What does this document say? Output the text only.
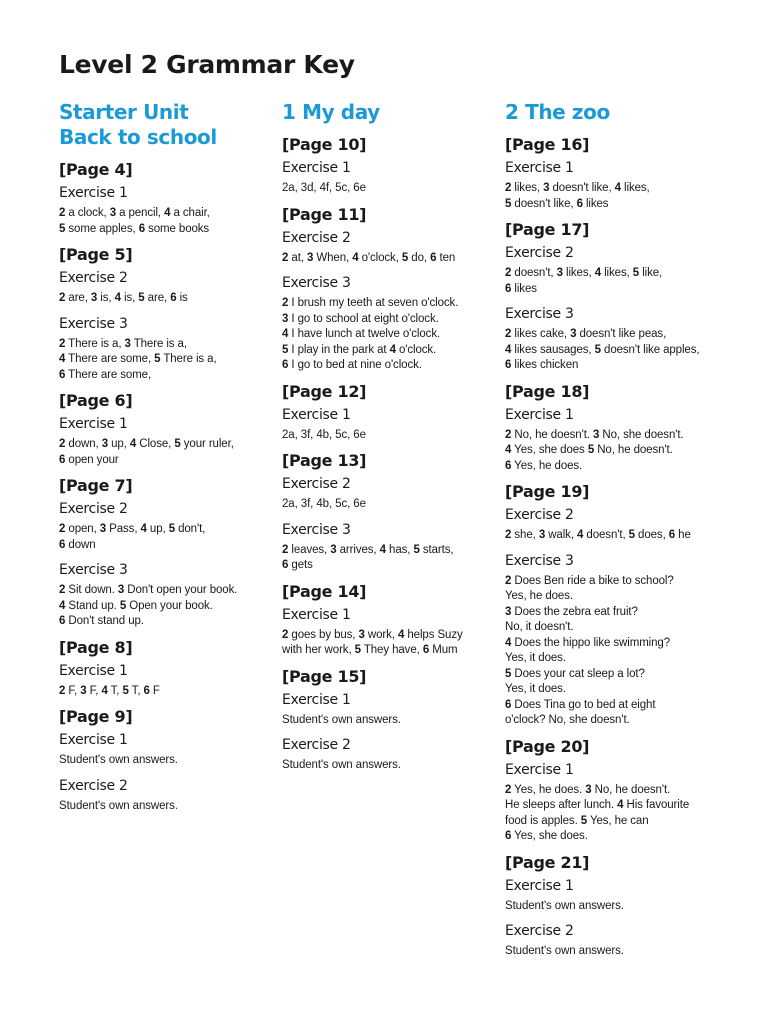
Level 2 Grammar Key
Starter Unit
Back to school
[Page 4]
Exercise 1
2 a clock, 3 a pencil, 4 a chair,
5 some apples, 6 some books
[Page 5]
Exercise 2
2 are, 3 is, 4 is, 5 are, 6 is
Exercise 3
2 There is a, 3 There is a,
4 There are some, 5 There is a,
6 There are some,
[Page 6]
Exercise 1
2 down, 3 up, 4 Close, 5 your ruler,
6 open your
[Page 7]
Exercise 2
2 open, 3 Pass, 4 up, 5 don't,
6 down
Exercise 3
2 Sit down. 3 Don't open your book.
4 Stand up. 5 Open your book.
6 Don't stand up.
[Page 8]
Exercise 1
2 F, 3 F, 4 T, 5 T, 6 F
[Page 9]
Exercise 1
Student's own answers.
Exercise 2
Student's own answers.
1 My day
[Page 10]
Exercise 1
2a, 3d, 4f, 5c, 6e
[Page 11]
Exercise 2
2 at, 3 When, 4 o'clock, 5 do, 6 ten
Exercise 3
2 I brush my teeth at seven o'clock.
3 I go to school at eight o'clock.
4 I have lunch at twelve o'clock.
5 I play in the park at 4 o'clock.
6 I go to bed at nine o'clock.
[Page 12]
Exercise 1
2a, 3f, 4b, 5c, 6e
[Page 13]
Exercise 2
2a, 3f, 4b, 5c, 6e
Exercise 3
2 leaves, 3 arrives, 4 has, 5 starts,
6 gets
[Page 14]
Exercise 1
2 goes by bus, 3 work, 4 helps Suzy
with her work, 5 They have, 6 Mum
[Page 15]
Exercise 1
Student's own answers.
Exercise 2
Student's own answers.
2 The zoo
[Page 16]
Exercise 1
2 likes, 3 doesn't like, 4 likes,
5 doesn't like, 6 likes
[Page 17]
Exercise 2
2 doesn't, 3 likes, 4 likes, 5 like,
6 likes
Exercise 3
2 likes cake, 3 doesn't like peas,
4 likes sausages, 5 doesn't like apples,
6 likes chicken
[Page 18]
Exercise 1
2 No, he doesn't. 3 No, she doesn't.
4 Yes, she does 5 No, he doesn't.
6 Yes, he does.
[Page 19]
Exercise 2
2 she, 3 walk, 4 doesn't, 5 does, 6 he
Exercise 3
2 Does Ben ride a bike to school?
Yes, he does.
3 Does the zebra eat fruit?
No, it doesn't.
4 Does the hippo like swimming?
Yes, it does.
5 Does your cat sleep a lot?
Yes, it does.
6 Does Tina go to bed at eight
o'clock? No, she doesn't.
[Page 20]
Exercise 1
2 Yes, he does. 3 No, he doesn't.
He sleeps after lunch. 4 His favourite
food is apples. 5 Yes, he can
6 Yes, she does.
[Page 21]
Exercise 1
Student's own answers.
Exercise 2
Student's own answers.
